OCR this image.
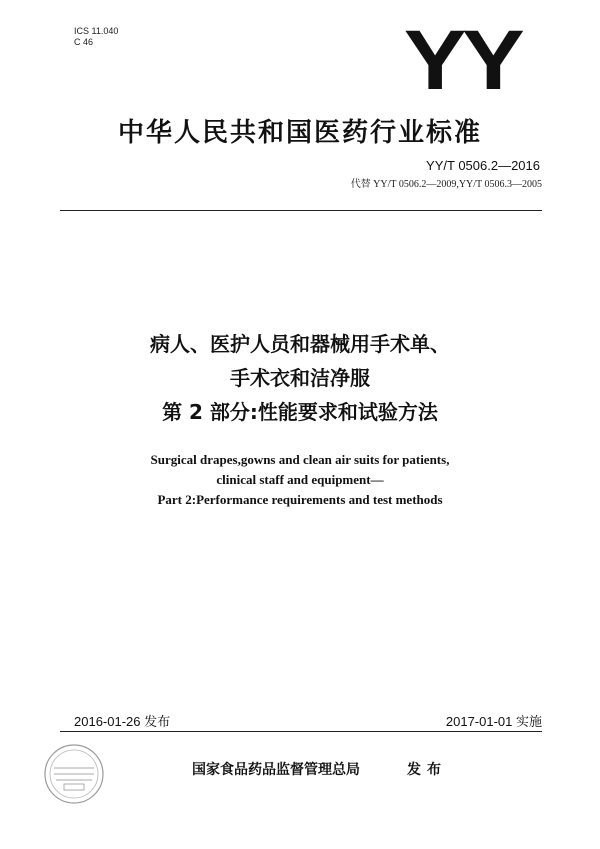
ICS 11.040
C 46	YY
中华人民共和国医药行业标准
YY/T 0506.2—2016
代替 YY/T 0506.2—2009,YY/T 0506.3—2005
病人、医护人员和器械用手术单、
手术衣和洁净服
第 2 部分:性能要求和试验方法
Surgical drapes,gowns and clean air suits for patients,
clinical staff and equipment—
Part 2:Performance requirements and test methods
2016-01-26 发布	2017-01-01 实施
国家食品药品监督管理总局	发布
